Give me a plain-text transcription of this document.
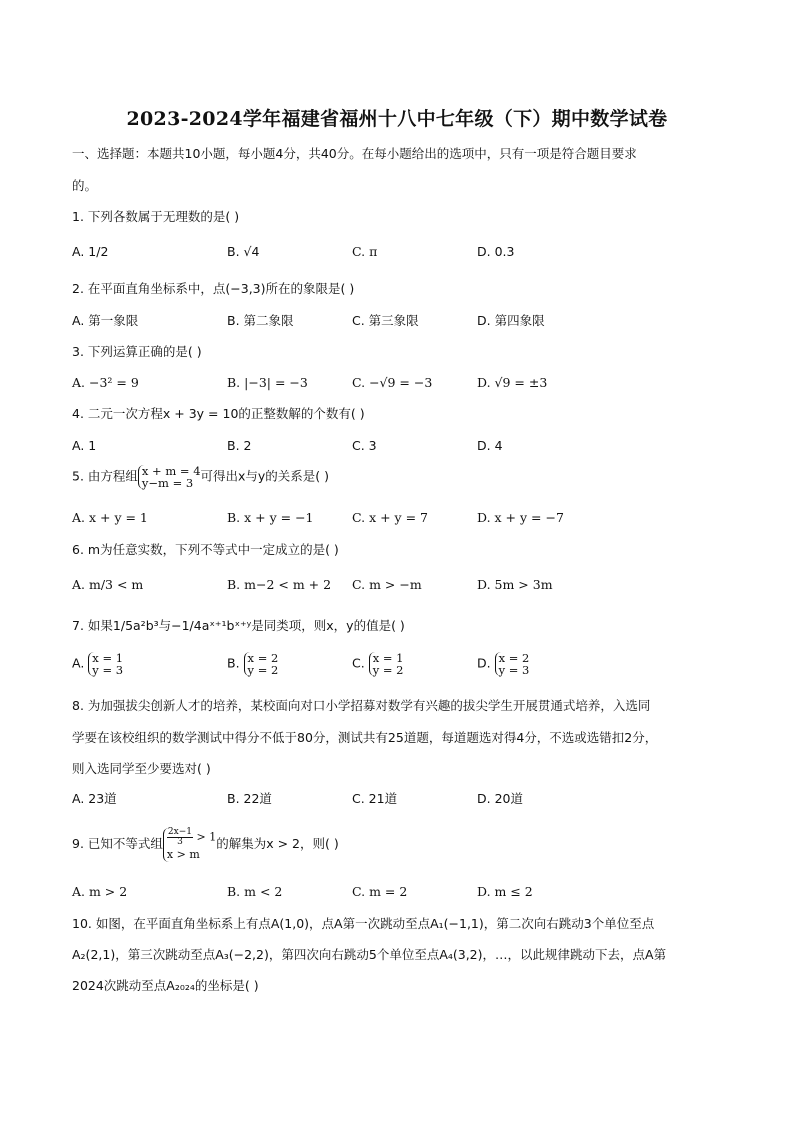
2023-2024学年福建省福州十八中七年级（下）期中数学试卷
一、选择题：本题共10小题，每小题4分，共40分。在每小题给出的选项中，只有一项是符合题目要求
的。
1. 下列各数属于无理数的是( )
A. 1/2	B. √4	C. π	D. 0.3
2. 在平面直角坐标系中，点(−3,3)所在的象限是( )
A. 第一象限	B. 第二象限	C. 第三象限	D. 第四象限
3. 下列运算正确的是( )
A. −3² = 9	B. |−3| = −3	C. −√9 = −3	D. √9 = ±3
4. 二元一次方程x + 3y = 10的正整数解的个数有( )
A. 1	B. 2	C. 3	D. 4
5. 由方程组 x + m = 4
y−m = 3 可得出x与y的关系是( )
A. x + y = 1	B. x + y = −1	C. x + y = 7	D. x + y = −7
6. m为任意实数，下列不等式中一定成立的是( )
A. m/3 < m	B. m−2 < m + 2 C. m > −m	D. 5m > 3m
7. 如果1/5a²b³与−1/4aˣ⁺¹bˣ⁺ʸ是同类项，则x，y的值是( )
A. x = 1
y = 3	B. x = 2
y = 2	C. x = 1
y = 2	D. x = 2
y = 3
8. 为加强拔尖创新人才的培养，某校面向对口小学招募对数学有兴趣的拔尖学生开展贯通式培养，入选同
学要在该校组织的数学测试中得分不低于80分，测试共有25道题，每道题选对得4分，不选或选错扣2分，
则入选同学至少要选对( )
A. 23道	B. 22道	C. 21道	D. 20道
9. 已知不等式组 $\frac{2x-1}{3} > 1$
x > m
的解集为x > 2，则( )
A. m > 2	B. m < 2	C. m = 2	D. m ≤ 2
10. 如图，在平面直角坐标系上有点A(1,0)，点A第一次跳动至点A₁(−1,1)，第二次向右跳动3个单位至点
A₂(2,1)，第三次跳动至点A₃(−2,2)，第四次向右跳动5个单位至点A₄(3,2)，…，以此规律跳动下去，点A第
2024次跳动至点A₂₀₂₄的坐标是( )
